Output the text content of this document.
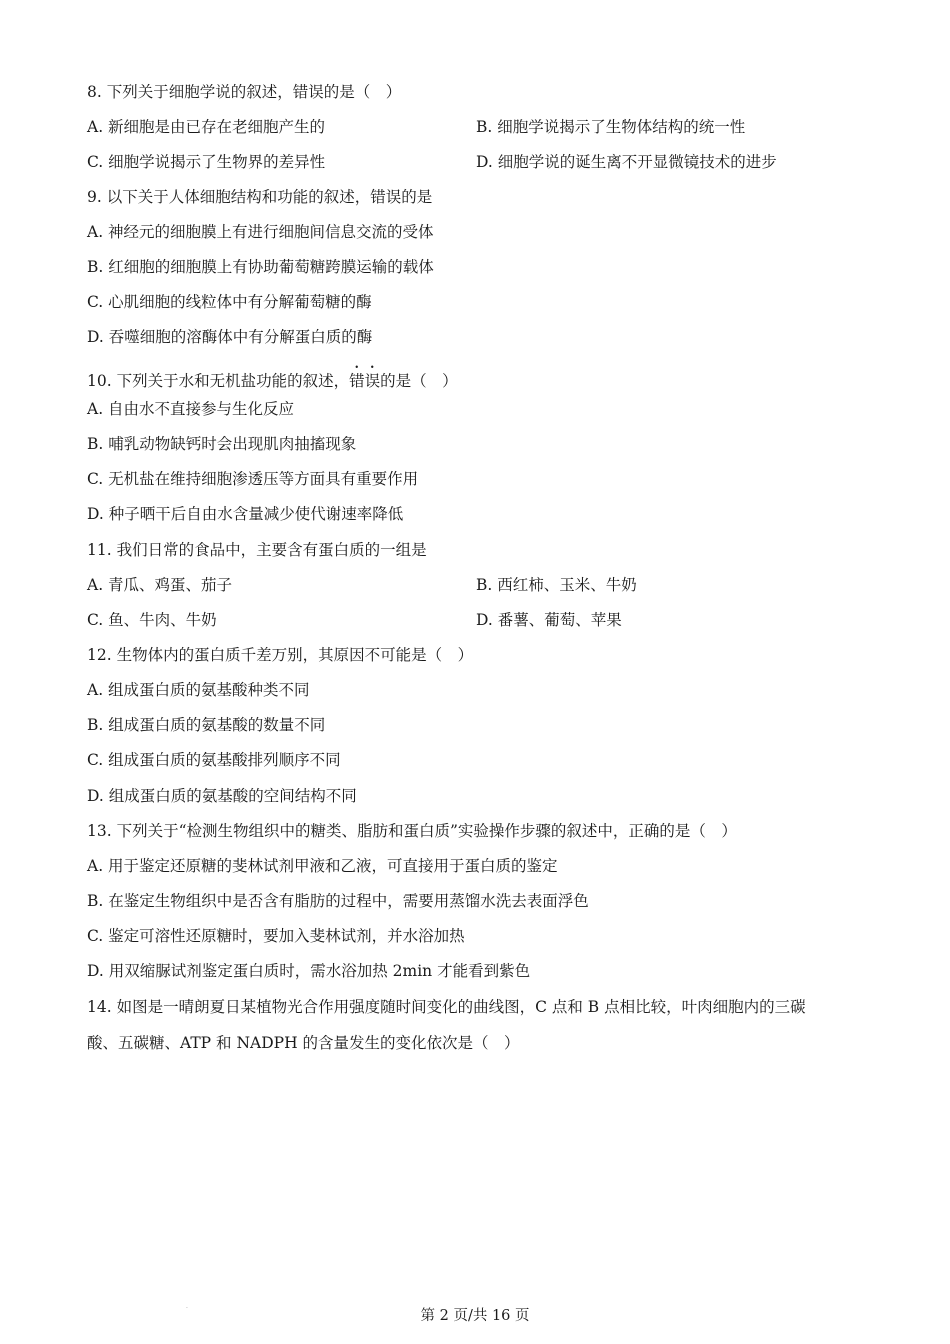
8. 下列关于细胞学说的叙述，错误的是（　）
A. 新细胞是由已存在老细胞产生的	B. 细胞学说揭示了生物体结构的统一性
C. 细胞学说揭示了生物界的差异性	D. 细胞学说的诞生离不开显微镜技术的进步
9. 以下关于人体细胞结构和功能的叙述，错误的是
A. 神经元的细胞膜上有进行细胞间信息交流的受体
B. 红细胞的细胞膜上有协助葡萄糖跨膜运输的载体
C. 心肌细胞的线粒体中有分解葡萄糖的酶
D. 吞噬细胞的溶酶体中有分解蛋白质的酶
10. 下列关于水和无机盐功能的叙述，错误的是（　）
A. 自由水不直接参与生化反应
B. 哺乳动物缺钙时会出现肌肉抽搐现象
C. 无机盐在维持细胞渗透压等方面具有重要作用
D. 种子晒干后自由水含量减少使代谢速率降低
11. 我们日常的食品中，主要含有蛋白质的一组是
A. 青瓜、鸡蛋、茄子	B. 西红柿、玉米、牛奶
C. 鱼、牛肉、牛奶	D. 番薯、葡萄、苹果
12. 生物体内的蛋白质千差万别，其原因不可能是（　）
A. 组成蛋白质的氨基酸种类不同
B. 组成蛋白质的氨基酸的数量不同
C. 组成蛋白质的氨基酸排列顺序不同
D. 组成蛋白质的氨基酸的空间结构不同
13. 下列关于“检测生物组织中的糖类、脂肪和蛋白质”实验操作步骤的叙述中，正确的是（　）
A. 用于鉴定还原糖的斐林试剂甲液和乙液，可直接用于蛋白质的鉴定
B. 在鉴定生物组织中是否含有脂肪的过程中，需要用蒸馏水洗去表面浮色
C. 鉴定可溶性还原糖时，要加入斐林试剂，并水浴加热
D. 用双缩脲试剂鉴定蛋白质时，需水浴加热 2min 才能看到紫色
14. 如图是一晴朗夏日某植物光合作用强度随时间变化的曲线图，C 点和 B 点相比较，叶肉细胞内的三碳
酸、五碳糖、ATP 和 NADPH 的含量发生的变化依次是（　）
·	第 2 页/共 16 页
